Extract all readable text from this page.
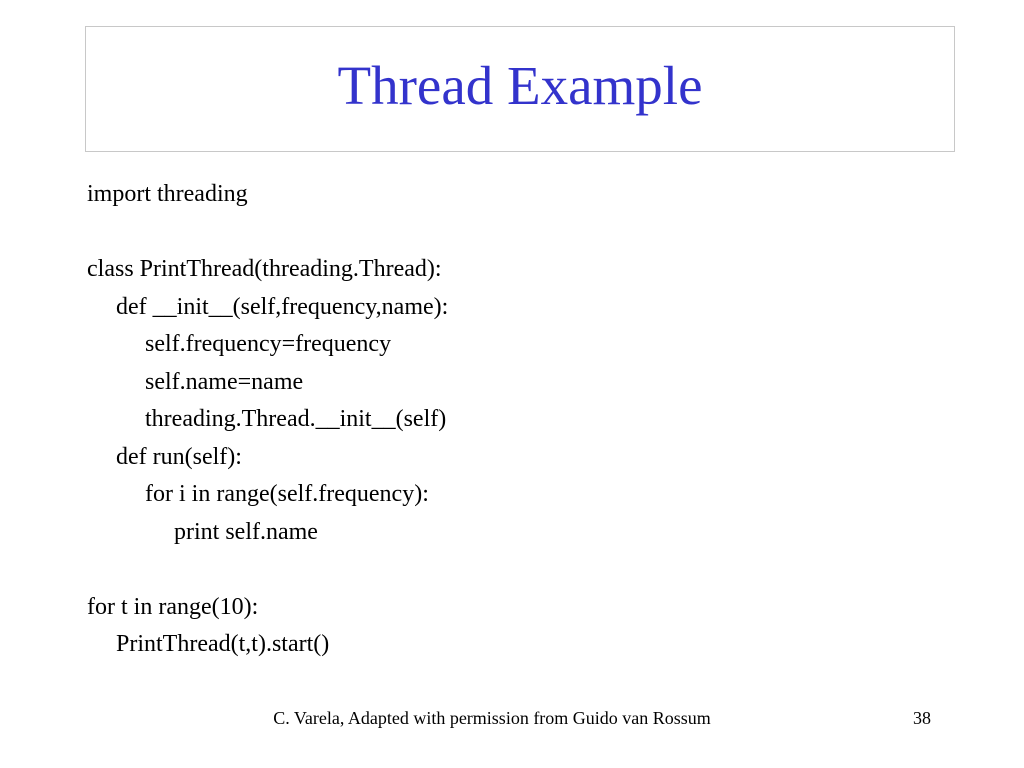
Thread Example
import threading
class PrintThread(threading.Thread):
def __init__(self,frequency,name):
self.frequency=frequency
self.name=name
threading.Thread.__init__(self)
def run(self):
for i in range(self.frequency):
print self.name
for t in range(10):
PrintThread(t,t).start()
C. Varela, Adapted with permission from Guido van Rossum	38
